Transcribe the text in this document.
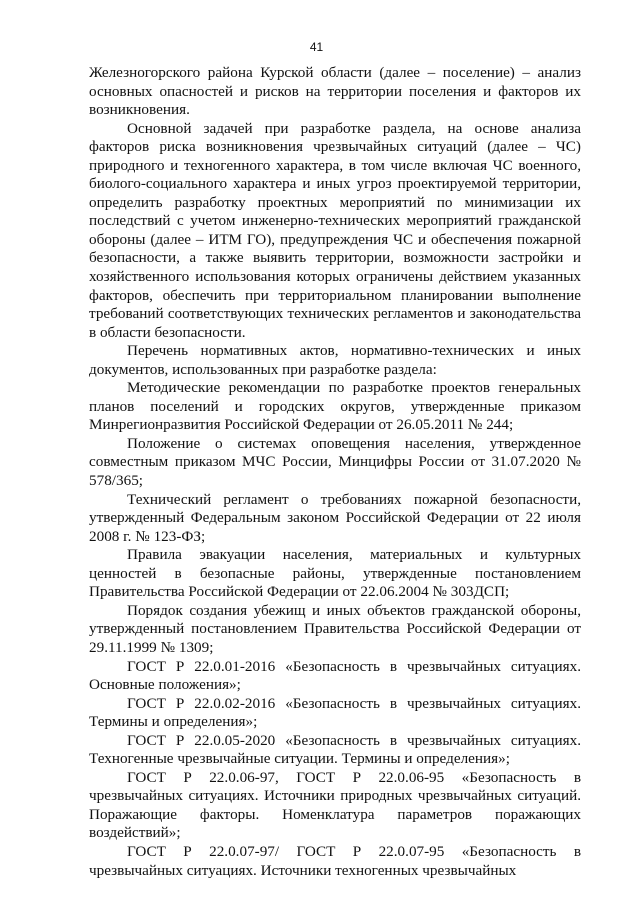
41

Железногорского района Курской области (далее – поселение) – анализ основных опасностей и рисков на территории поселения и факторов их возникновения.

Основной задачей при разработке раздела, на основе анализа факторов риска возникновения чрезвычайных ситуаций (далее – ЧС) природного и техногенного характера, в том числе включая ЧС военного, биолого-социального характера и иных угроз проектируемой территории, определить разработку проектных мероприятий по минимизации их последствий с учетом инженерно-технических мероприятий гражданской обороны (далее – ИТМ ГО), предупреждения ЧС и обеспечения пожарной безопасности, а также выявить территории, возможности застройки и хозяйственного использования которых ограничены действием указанных факторов, обеспечить при территориальном планировании выполнение требований соответствующих технических регламентов и законодательства в области безопасности.

Перечень нормативных актов, нормативно-технических и иных документов, использованных при разработке раздела:

Методические рекомендации по разработке проектов генеральных планов поселений и городских округов, утвержденные приказом Минрегионразвития Российской Федерации от 26.05.2011 № 244;

Положение о системах оповещения населения, утвержденное совместным приказом МЧС России, Минцифры России от 31.07.2020 № 578/365;

Технический регламент о требованиях пожарной безопасности, утвержденный Федеральным законом Российской Федерации от 22 июля 2008 г. № 123-ФЗ;

Правила эвакуации населения, материальных и культурных ценностей в безопасные районы, утвержденные постановлением Правительства Российской Федерации от 22.06.2004 № 303ДСП;

Порядок создания убежищ и иных объектов гражданской обороны, утвержденный постановлением Правительства Российской Федерации от 29.11.1999 № 1309;

ГОСТ Р 22.0.01-2016 «Безопасность в чрезвычайных ситуациях. Основные положения»;

ГОСТ Р 22.0.02-2016 «Безопасность в чрезвычайных ситуациях. Термины и определения»;

ГОСТ Р 22.0.05-2020 «Безопасность в чрезвычайных ситуациях. Техногенные чрезвычайные ситуации. Термины и определения»;

ГОСТ Р 22.0.06-97, ГОСТ Р 22.0.06-95 «Безопасность в чрезвычайных ситуациях. Источники природных чрезвычайных ситуаций. Поражающие факторы. Номенклатура параметров поражающих воздействий»;

ГОСТ Р 22.0.07-97/ ГОСТ Р 22.0.07-95 «Безопасность в чрезвычайных ситуациях. Источники техногенных чрезвычайных
